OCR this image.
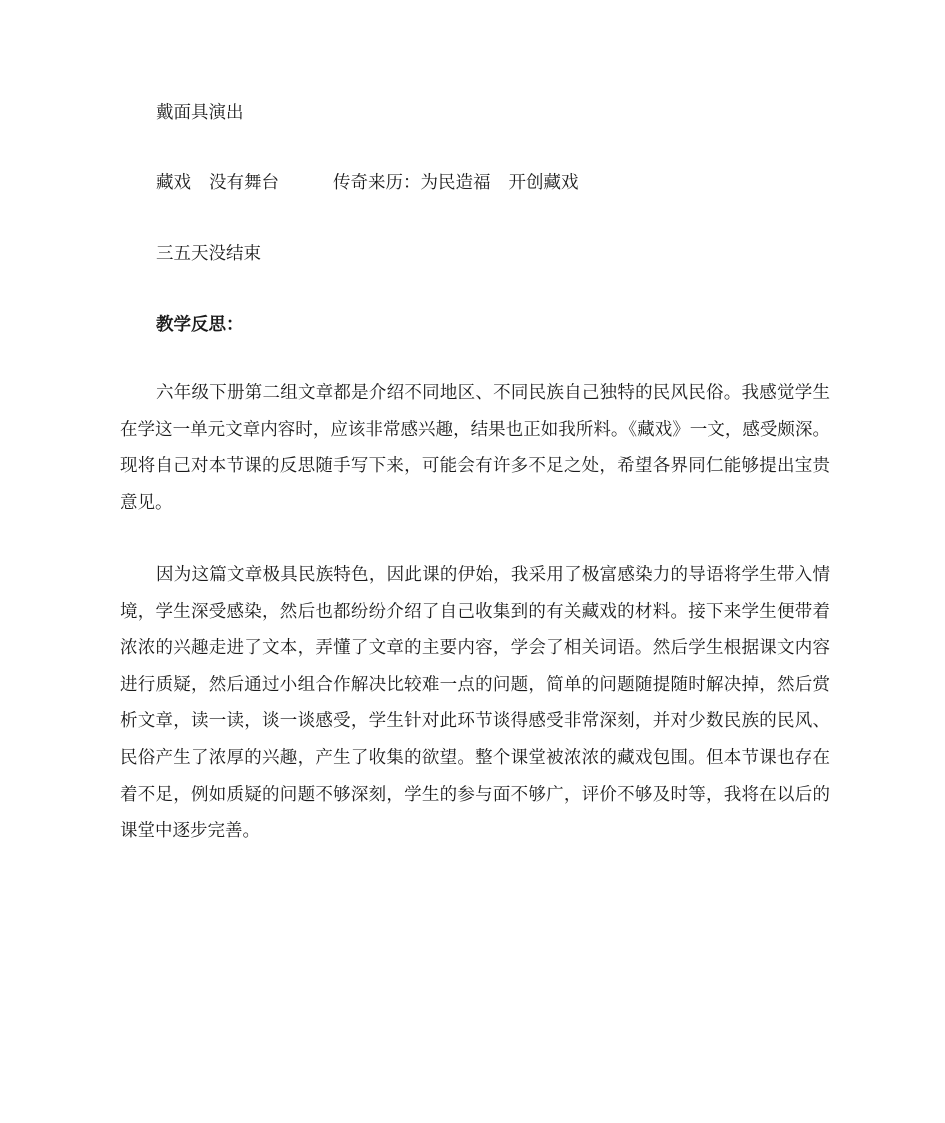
戴面具演出
藏戏 没有舞台	传奇来历：为民造福 开创藏戏
三五天没结束
教学反思：

六年级下册第二组文章都是介绍不同地区、不同民族自己独特的民风民俗。我感觉学生在学这一单元文章内容时，应该非常感兴趣，结果也正如我所料。《藏戏》一文，感受颇深。现将自己对本节课的反思随手写下来，可能会有许多不足之处，希望各界同仁能够提出宝贵意见。

因为这篇文章极具民族特色，因此课的伊始，我采用了极富感染力的导语将学生带入情境，学生深受感染，然后也都纷纷介绍了自己收集到的有关藏戏的材料。接下来学生便带着浓浓的兴趣走进了文本，弄懂了文章的主要内容，学会了相关词语。然后学生根据课文内容进行质疑，然后通过小组合作解决比较难一点的问题，简单的问题随提随时解决掉，然后赏析文章，读一读，谈一谈感受，学生针对此环节谈得感受非常深刻，并对少数民族的民风、民俗产生了浓厚的兴趣，产生了收集的欲望。整个课堂被浓浓的藏戏包围。但本节课也存在着不足，例如质疑的问题不够深刻，学生的参与面不够广，评价不够及时等，我将在以后的课堂中逐步完善。
